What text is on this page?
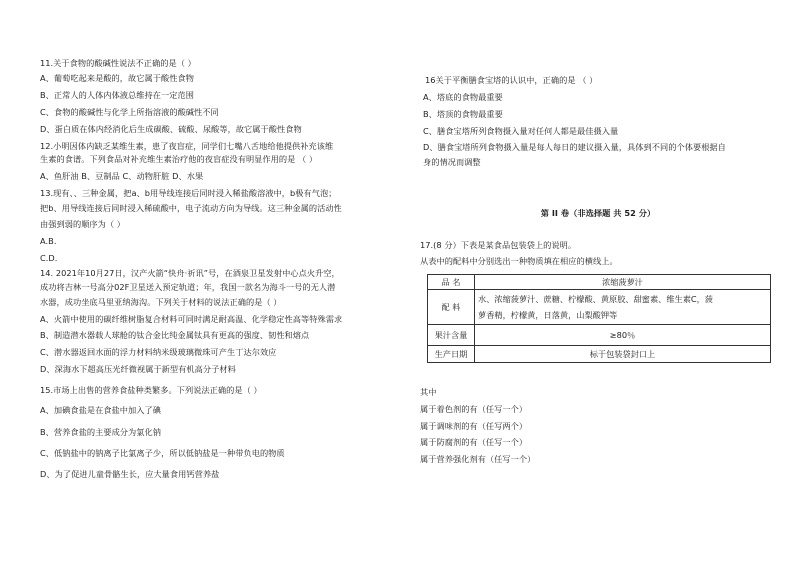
11.关于食物的酸碱性说法不正确的是（ ）
A、葡萄吃起来是酸的，故它属于酸性食物
B、正常人的人体内体液总维持在一定范围
C、食物的酸碱性与化学上所指溶液的酸碱性不同
D、蛋白质在体内经消化后生成碳酸、硫酸、尿酸等，故它属于酸性食物
12.小明因体内缺乏某维生素，患了夜盲症，同学们七嘴八舌地给他提供补充该维
生素的食谱。下列食品对补充维生素治疗他的夜盲症没有明显作用的是 （ ）
A、鱼肝油 B、豆制品 C、动物肝脏 D、水果
13.现有、、三种金属，把a、b用导线连接后同时浸入稀盐酸溶液中，b极有气泡；
把b、用导线连接后同时浸入稀硫酸中，电子流动方向为导线。这三种金属的活动性
由强到弱的顺序为（ ）
A.B.
C.D.
14. 2021年10月27日，汉产火箭“快舟·祈讯”号，在酒泉卫星发射中心点火升空，
成功将吉林一号高分02F卫星送入预定轨道；年，我国一款名为海斗一号的无人潜
水器，成功坐底马里亚纳海沟。下列关于材料的说法正确的是（ ）
A、火箭中使用的碳纤维树脂复合材料可同时满足耐高温、化学稳定性高等特殊需求
B、制造潜水器载人球舱的钛合金比纯金属钛具有更高的强度、韧性和熔点
C、潜水器返回水面的浮力材料纳米级玻璃微珠可产生丁达尔效应
D、深海水下超高压光纤微视属于新型有机高分子材料
15.市场上出售的营养食盐种类繁多。下列说法正确的是（ ）
A、加碘食盐是在食盐中加入了碘
B、营养食盐的主要成分为氯化钠
C、低钠盐中的钠离子比氯离子少，所以低钠盐是一种带负电的物质
D、为了促进儿童骨骼生长，应大量食用钙营养盐
16关于平衡膳食宝塔的认识中，正确的是 （ ）
A、塔底的食物最重要
B、塔顶的食物最重要
C、膳食宝塔所列食物摄入量对任何人都是最佳摄入量
D、膳食宝塔所列食物摄入量是每人每日的建议摄入量，具体到不同的个体要根据自
身的情况而调整
第 II 卷（非选择题 共 52 分）
17.(8 分）下表是某食品包装袋上的说明。
从表中的配料中分别选出一种物质填在相应的横线上。
品 名	浓缩菠萝汁
配 料	水、浓缩菠萝汁、蔗糖、柠檬酸、黄原胶、甜蜜素、维生素C，菠
萝香精，柠檬黄，日落黄，山梨酸钾等

果汁含量	≥80％
生产日期	标于包装袋封口上
其中
属于着色剂的有（任写一个）
属于调味剂的有（任写两个）
属于防腐剂的有（任写一个）
属于营养强化剂有（任写一个）
